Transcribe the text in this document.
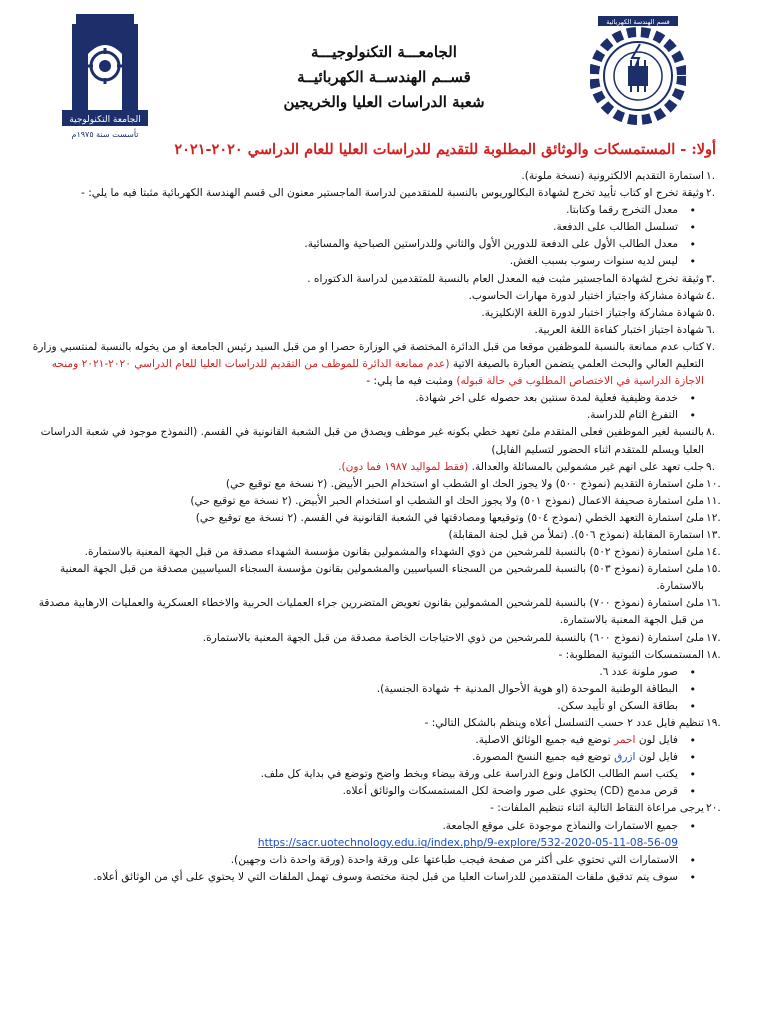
الجامعة التكنولوجية
تأسست سنة ١٩٧٥م
الجامعـــة التكنولوجيـــة
قســم الهندســة الكهربائيــة
شعبة الدراسات العليا والخريجين
قسم الهندسة الكهربائية
أولا: - المستمسكات والوثائق المطلوبة للتقديم للدراسات العليا للعام الدراسي ٢٠٢٠-٢٠٢١
.١
استمارة التقديم الالكترونية (نسخة ملونة).
.٢
وثيقة تخرج او كتاب تأييد تخرج لشهادة البكالوريوس بالنسبة للمتقدمين لدراسة الماجستير معنون الى قسم الهندسة الكهربائية مثبتا فيه ما يلي: -
• معدل التخرج رقما وكتابتا.
• تسلسل الطالب على الدفعة.
• معدل الطالب الأول على الدفعة للدورين الأول والثاني وللدراستين الصباحية والمسائية.
• ليس لديه سنوات رسوب بسبب الغش.
.٣
وثيقة تخرج لشهادة الماجستير مثبت فيه المعدل العام بالنسبة للمتقدمين لدراسة الدكتوراه .
.٤
شهادة مشاركة واجتياز اختبار لدورة مهارات الحاسوب.
.٥
شهادة مشاركة واجتياز اختبار لدورة اللغة الإنكليزية.
.٦
شهادة اجتياز اختبار كفاءة اللغة العربية.
.٧
كتاب عدم ممانعة بالنسبة للموظفين موقعا من قبل الدائرة المختصة في الوزارة حصرا او من قبل السيد رئيس الجامعة او من يخوله بالنسبة لمنتسبي وزارة التعليم العالي والبحث العلمي يتضمن العبارة بالصيغة الاتية (عدم ممانعة الدائرة للموظف من التقديم للدراسات العليا للعام الدراسي ٢٠٢٠-٢٠٢١ ومنحه الاجازة الدراسية في الاختصاص المطلوب في حالة قبوله) ومثبت فيه ما يلي: -
• خدمة وظيفية فعلية لمدة سنتين بعد حصوله على اخر شهادة.
• التفرغ التام للدراسة.
.٨
بالنسبة لغير الموظفين فعلى المتقدم ملئ تعهد خطي بكونه غير موظف ويصدق من قبل الشعبة القانونية في القسم. (النموذج موجود في شعبة الدراسات العليا ويسلم للمتقدم اثناء الحضور لتسليم الفايل)
.٩
جلب تعهد على انهم غير مشمولين بالمسائلة والعدالة. (فقط لمواليد ١٩٨٧ فما دون).
.١٠
ملئ استمارة التقديم (نموذج ٥٠٠) ولا يجوز الحك او الشطب او استخدام الحبر الأبيض. (٢ نسخة مع توقيع حي)
.١١
ملئ استمارة صحيفة الاعمال (نموذج ٥٠١) ولا يجوز الحك او الشطب او استخدام الحبر الأبيض. (٢ نسخة مع توقيع حي)
.١٢
ملئ استمارة التعهد الخطي (نموذج ٥٠٤) وتوقيعها ومصادقتها في الشعبة القانونية في القسم. (٢ نسخة مع توقيع حي)
.١٣
استمارة المقابلة (نموذج ٥٠٦). (تملأ من قبل لجنة المقابلة)
.١٤
ملئ استمارة (نموذج ٥٠٢) بالنسبة للمرشحين من ذوي الشهداء والمشمولين بقانون مؤسسة الشهداء مصدقة من قبل الجهة المعنية بالاستمارة.
.١٥
ملئ استمارة (نموذج ٥٠٣) بالنسبة للمرشحين من السجناء السياسيين والمشمولين بقانون مؤسسة السجناء السياسيين مصدقة من قبل الجهة المعنية بالاستمارة.
.١٦
ملئ استمارة (نموذج ٧٠٠) بالنسبة للمرشحين المشمولين بقانون تعويض المتضررين جراء العمليات الحربية والاخطاء العسكرية والعمليات الارهابية مصدقة من قبل الجهة المعنية بالاستمارة.
.١٧
ملئ استمارة (نموذج ٦٠٠) بالنسبة للمرشحين من ذوي الاحتياجات الخاصة مصدقة من قبل الجهة المعنية بالاستمارة.
.١٨
المستمسكات الثبوتية المطلوبة: -
• صور ملونة عدد ٦.
• البطاقة الوطنية الموحدة (او هوية الأحوال المدنية + شهادة الجنسية).
• بطاقة السكن او تأييد سكن.
.١٩
تنظيم فايل عدد ٢ حسب التسلسل أعلاه وينظم بالشكل التالي: -
• فايل لون احمر توضع فيه جميع الوثائق الاصلية.
• فايل لون ازرق توضع فيه جميع النسخ المصورة.
• يكتب اسم الطالب الكامل ونوع الدراسة على ورقة بيضاء وبخط واضح وتوضع في بداية كل ملف.
• قرص مدمج (CD) يحتوي على صور واضحة لكل المستمسكات والوثائق أعلاه.
.٢٠
يرجى مراعاة النقاط التالية اثناء تنظيم الملفات: -
• جميع الاستمارات والنماذج موجودة على موقع الجامعة.
https://sacr.uotechnology.edu.iq/index.php/9-explore/532-2020-05-11-08-56-09
• الاستمارات التي تحتوي على أكثر من صفحة فيجب طباعتها على ورقة واحدة (ورقة واحدة ذات وجهين).
• سوف يتم تدقيق ملفات المتقدمين للدراسات العليا من قبل لجنة مختصة وسوف تهمل الملفات التي لا يحتوي على أي من الوثائق أعلاه.
